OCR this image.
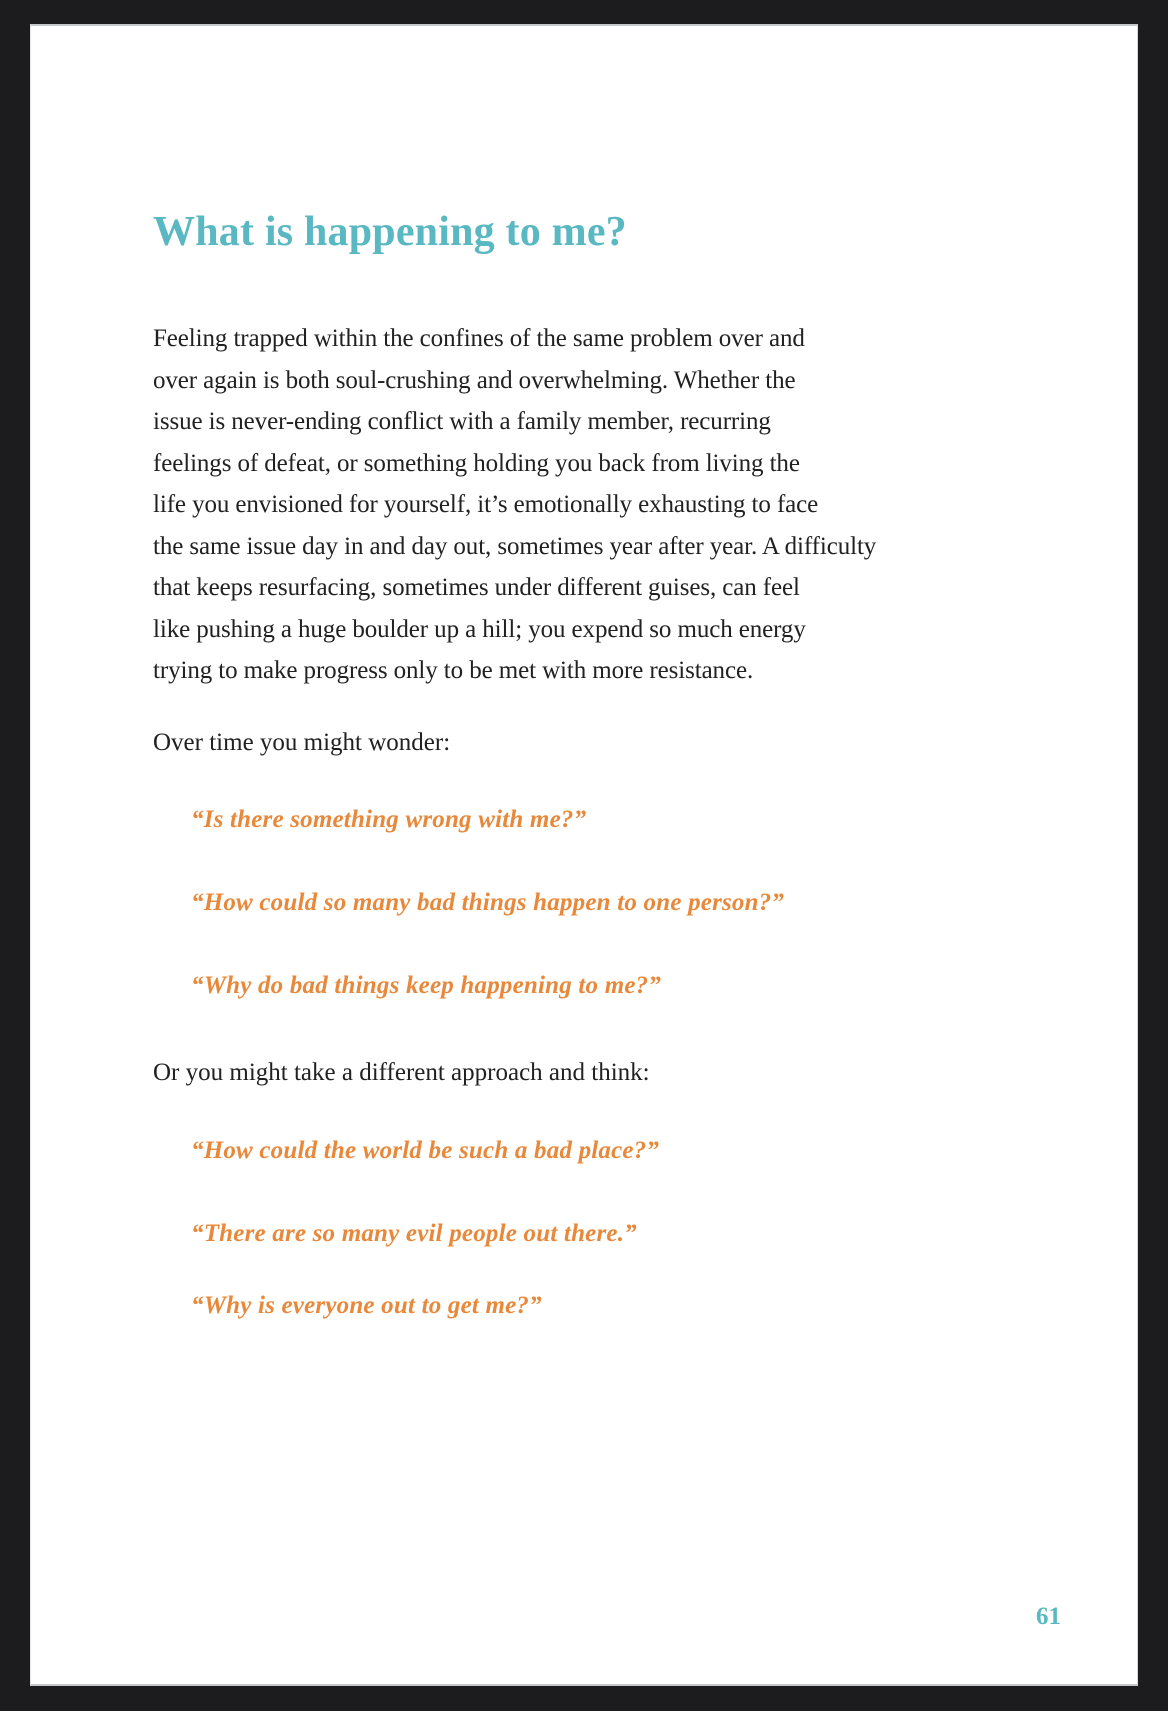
What is happening to me?
Feeling trapped within the confines of the same problem over and
over again is both soul-crushing and overwhelming. Whether the
issue is never-ending conflict with a family member, recurring
feelings of defeat, or something holding you back from living the
life you envisioned for yourself, it’s emotionally exhausting to face
the same issue day in and day out, sometimes year after year. A difficulty
that keeps resurfacing, sometimes under different guises, can feel
like pushing a huge boulder up a hill; you expend so much energy
trying to make progress only to be met with more resistance.
Over time you might wonder:
“Is there something wrong with me?”
“How could so many bad things happen to one person?”
“Why do bad things keep happening to me?”
Or you might take a different approach and think:
“How could the world be such a bad place?”
“There are so many evil people out there.”
“Why is everyone out to get me?”
61
